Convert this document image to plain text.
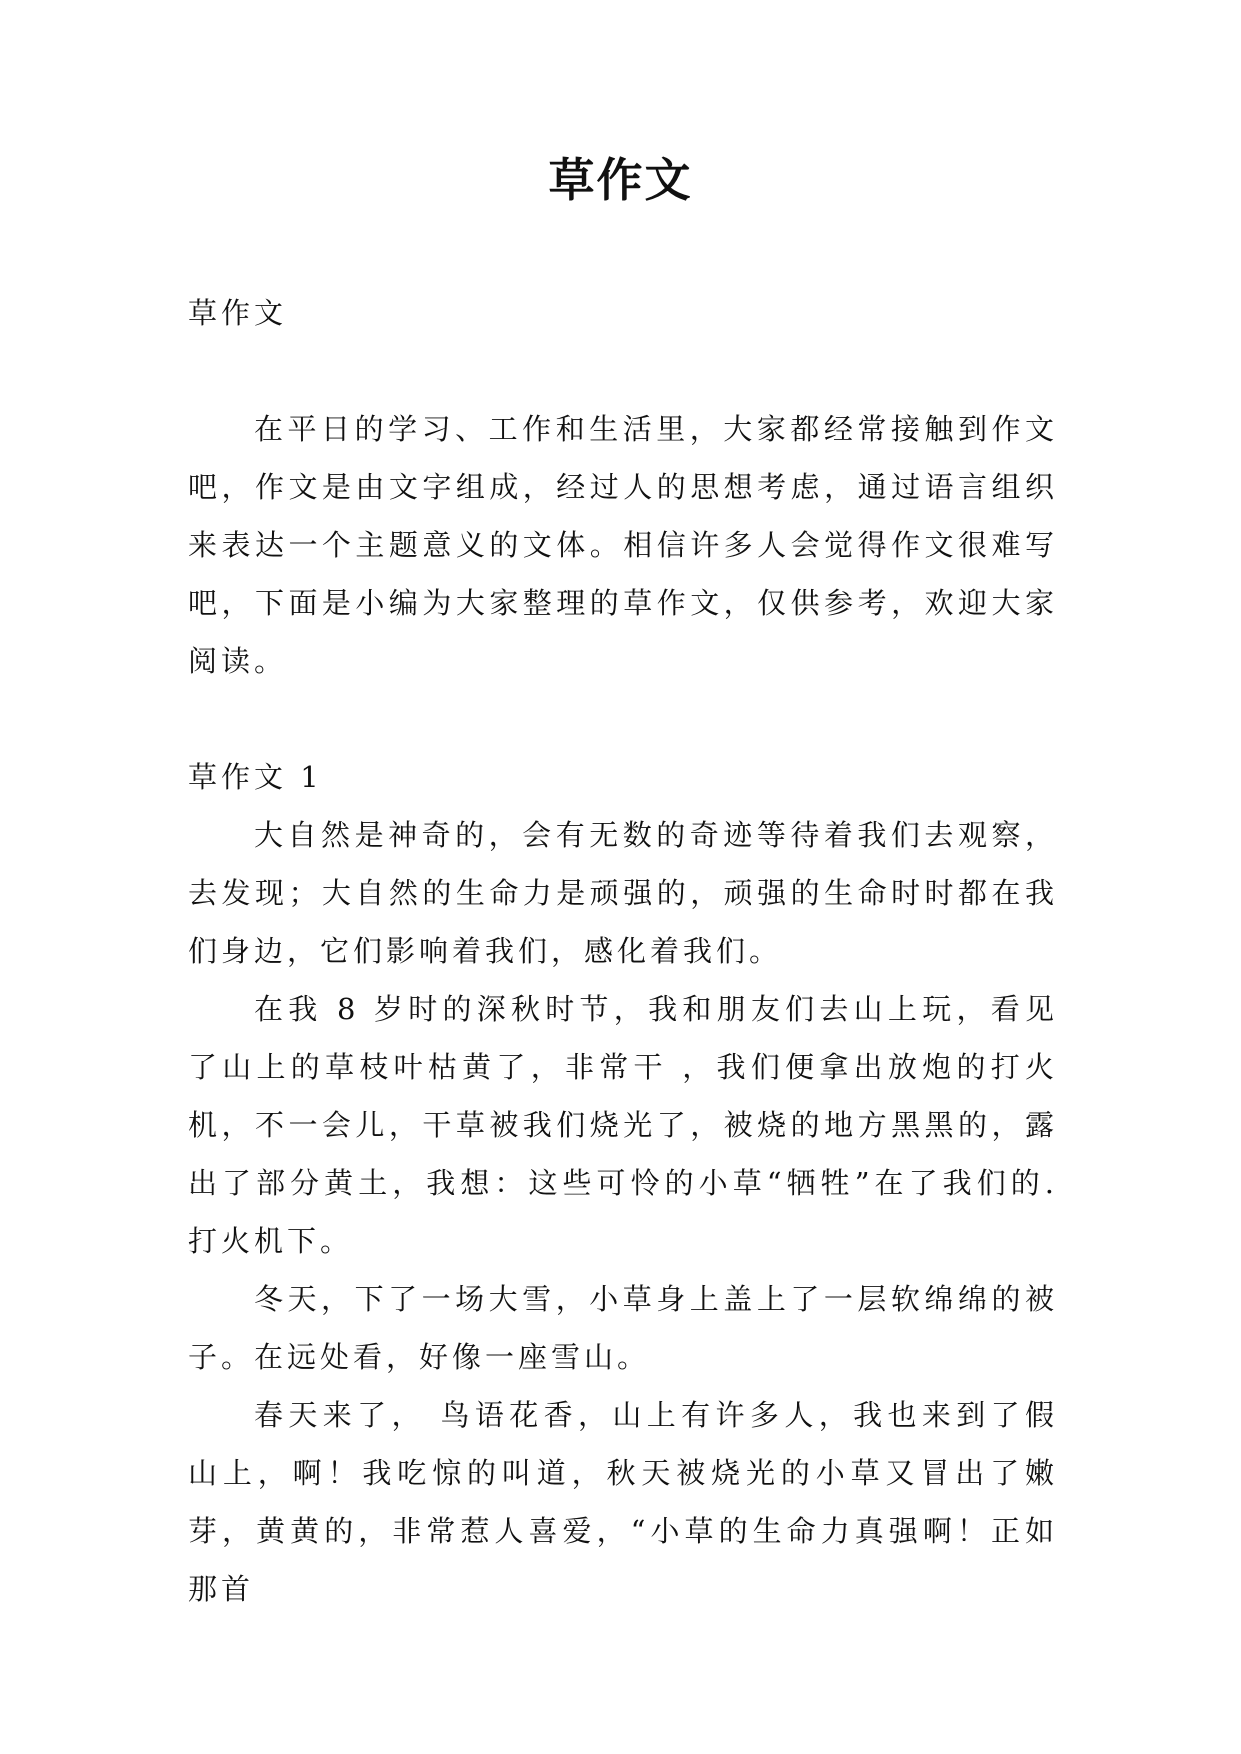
草作文

草作文

在平日的学习、工作和生活里，大家都经常接触到作文吧，作文是由文字组成，经过人的思想考虑，通过语言组织来表达一个主题意义的文体。相信许多人会觉得作文很难写吧，下面是小编为大家整理的草作文，仅供参考，欢迎大家阅读。

草作文 1

大自然是神奇的，会有无数的奇迹等待着我们去观察，去发现；大自然的生命力是顽强的，顽强的生命时时都在我们身边，它们影响着我们，感化着我们。

在我 8 岁时的深秋时节，我和朋友们去山上玩，看见了山上的草枝叶枯黄了，非常干 ，我们便拿出放炮的打火机，不一会儿，干草被我们烧光了，被烧的地方黑黑的，露出了部分黄土，我想：这些可怜的小草“牺牲”在了我们的.打火机下。

冬天，下了一场大雪，小草身上盖上了一层软绵绵的被子。在远处看，好像一座雪山。

春天来了， 鸟语花香，山上有许多人，我也来到了假山上，啊！我吃惊的叫道，秋天被烧光的小草又冒出了嫩芽，黄黄的，非常惹人喜爱，“小草的生命力真强啊！正如那首
